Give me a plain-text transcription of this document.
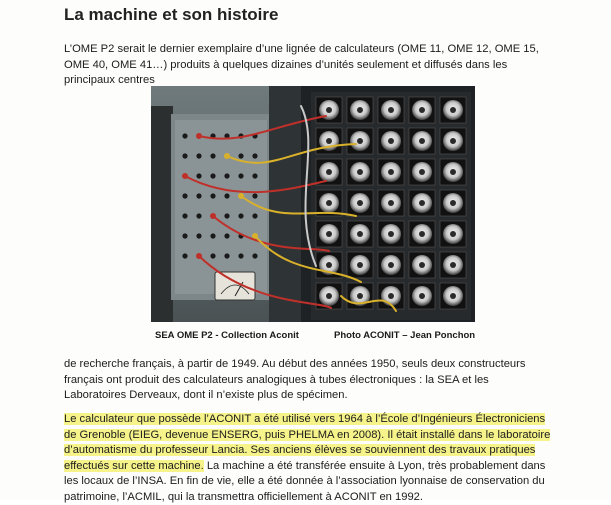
La machine et son histoire
L’OME P2 serait le dernier exemplaire d’une lignée de calculateurs (OME 11, OME 12, OME 15, OME 40, OME 41…) produits à quelques dizaines d’unités seulement et diffusés dans les principaux centres
SEA OME P2 - Collection Aconit	Photo ACONIT – Jean Ponchon
de recherche français, à partir de 1949. Au début des années 1950, seuls deux constructeurs français ont produit des calculateurs analogiques à tubes électroniques : la SEA et les Laboratoires Derveaux, dont il n’existe plus de spécimen.
Le calculateur que possède l’ACONIT a été utilisé vers 1964 à l’École d’Ingénieurs Électroniciens de Grenoble (EIEG, devenue ENSERG, puis PHELMA en 2008). Il était installé dans le laboratoire d’automatisme du professeur Lancia. Ses anciens élèves se souviennent des travaux pratiques effectués sur cette machine. La machine a été transférée ensuite à Lyon, très probablement dans les locaux de l’INSA. En fin de vie, elle a été donnée à l’association lyonnaise de conservation du patrimoine, l’ACMIL, qui la transmettra officiellement à ACONIT en 1992.
